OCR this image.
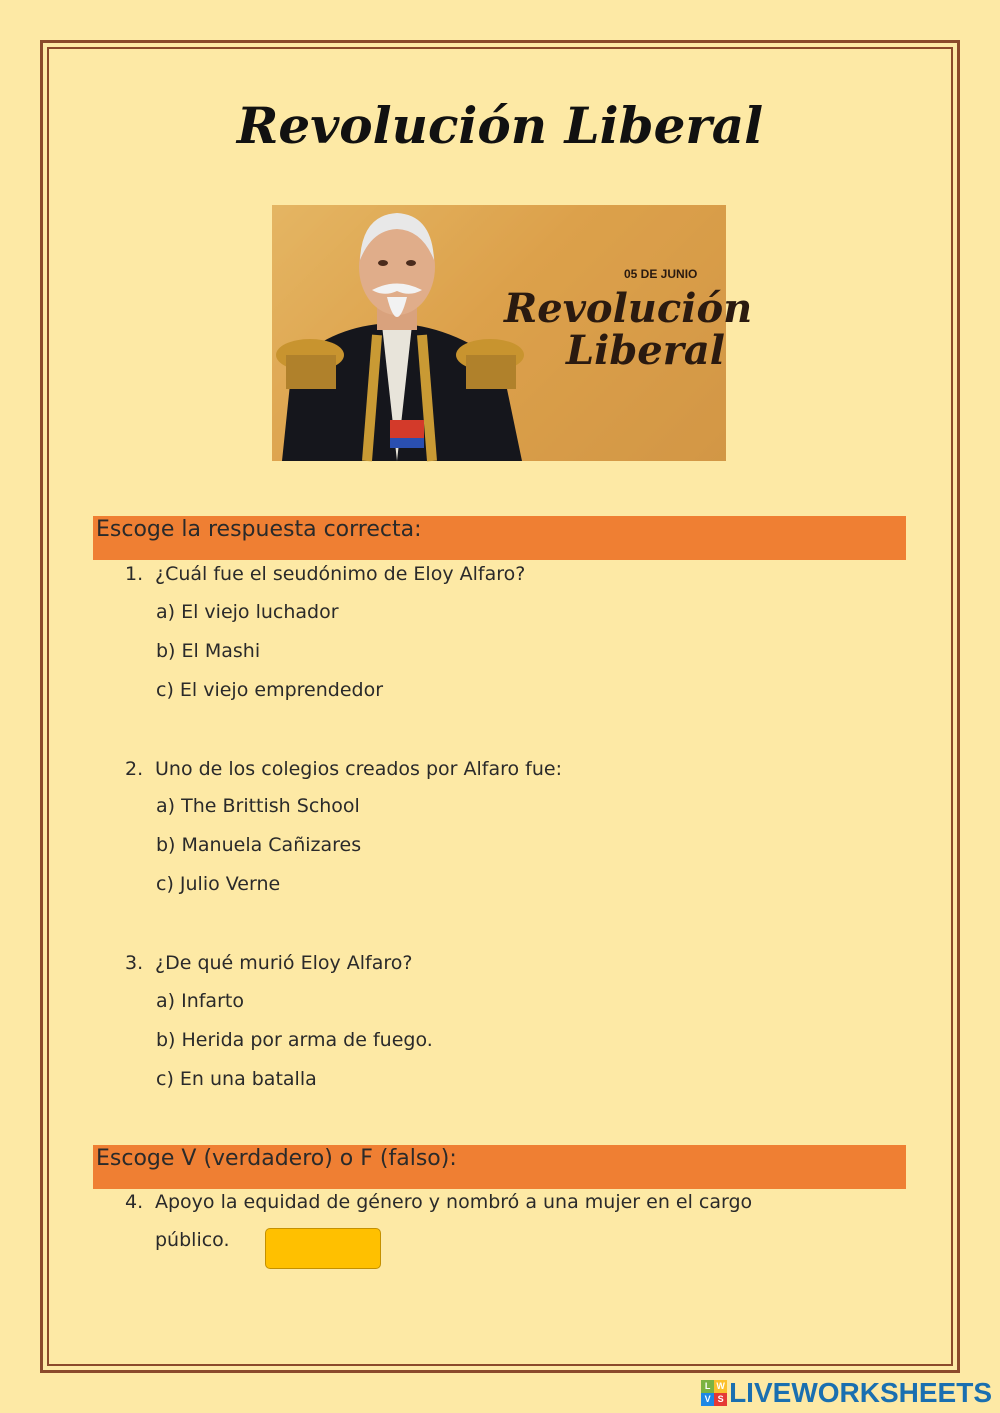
Revolución Liberal
05 DE JUNIO
Revolución
Liberal
Escoge la respuesta correcta:
1. ¿Cuál fue el seudónimo de Eloy Alfaro?
a) El viejo luchador
b) El Mashi
c) El viejo emprendedor
2. Uno de los colegios creados por Alfaro fue:
a) The Brittish School
b) Manuela Cañizares
c) Julio Verne
3. ¿De qué murió Eloy Alfaro?
a) Infarto
b) Herida por arma de fuego.
c) En una batalla
Escoge V (verdadero) o F (falso):
4. Apoyo la equidad de género y nombró a una mujer en el cargo
público.
L W
V S LIVEWORKSHEETS
